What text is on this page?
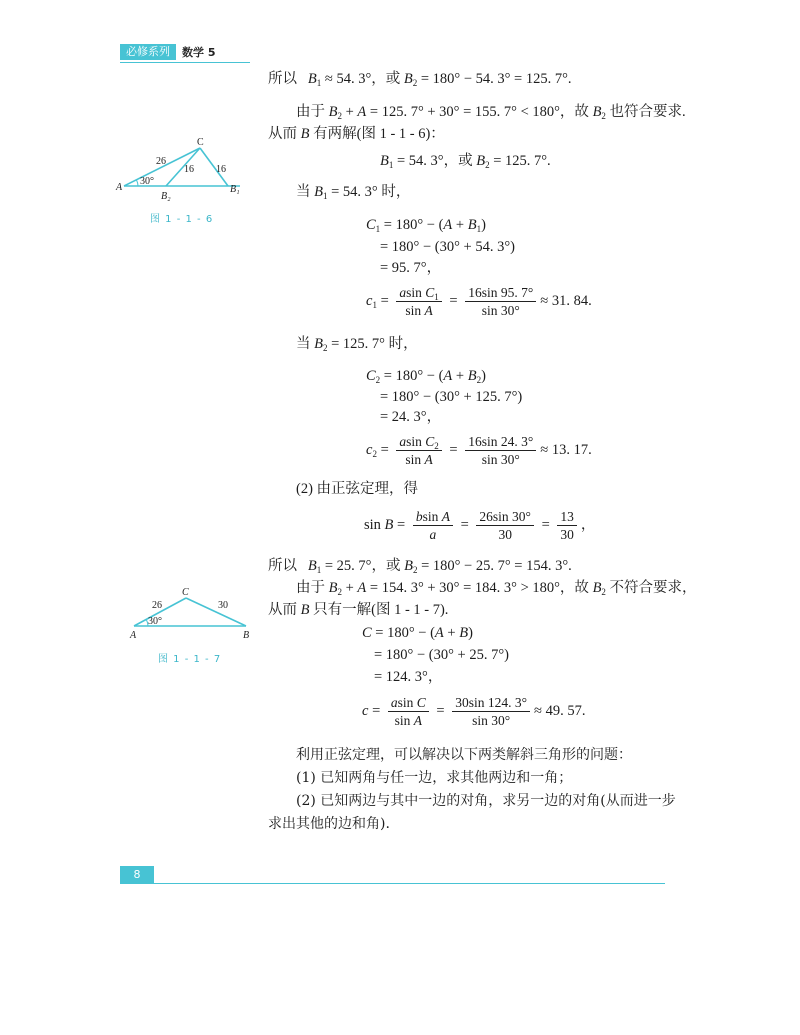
必修系列	数学 5
所以 $B_1 \approx 54$. 3°，或 $B_2 = 180^\circ - 54$. 3° = 125. 7°.
由于 $B_2 + A = 125$. 7° + 30° = 155. 7° < 180°，故 $B_2$ 也符合要求.
从而 B 有两解(图 1 - 1 - 6)：
$B_1 = 54$. 3°，或 $B_2 = 125$. 7°.
C
A
B₂
B₁
26
16 16
30°
图 1 - 1 - 6
当 $B_1 = 54$. 3° 时，
$C_1 = 180^\circ - (A + B_1)$
= 180° − (30° + 54. 3°)
= 95. 7°，
$c_1 = \frac{asin C_1}{\text{sin A}} = \frac{16\sin 95. 7^\circ}{\sin 30^\circ} \approx 31$. 84.
当 $B_2 = 125$. 7° 时，
$C_2 = 180^\circ - (A + B_2)$
= 180° − (30° + 125. 7°)
= 24. 3°，
$c_2 = \frac{asin C_2}{\text{sin A}} = \frac{16\sin 24. 3^\circ}{\sin 30^\circ} \approx 13$. 17.
(2) 由正弦定理，得
$\sin B = \frac{\text{bsin A}}{a} = \frac{26\sin 30^\circ}{30} = \frac{13}{30}$ ，
所以 $B_1 = 25$. 7°，或 $B_2 = 180^\circ - 25$. 7° = 154. 3°.
由于 $B_2 + A = 154$. 3° + 30° = 184. 3° > 180°，故 $B_2$ 不符合要求，
从而 B 只有一解(图 1 - 1 - 7).
C
A	B
26	30
30°
图 1 - 1 - 7
C = 180° − (A + B)
= 180° − (30° + 25. 7°)
= 124. 3°，
$c = \frac{\text{asin C}}{\text{sin A}} = \frac{30\sin 124. 3^\circ}{\sin 30^\circ} \approx 49$. 57.
利用正弦定理，可以解决以下两类解斜三角形的问题：
(1) 已知两角与任一边，求其他两边和一角；
(2) 已知两边与其中一边的对角，求另一边的对角(从而进一步
求出其他的边和角).
8
